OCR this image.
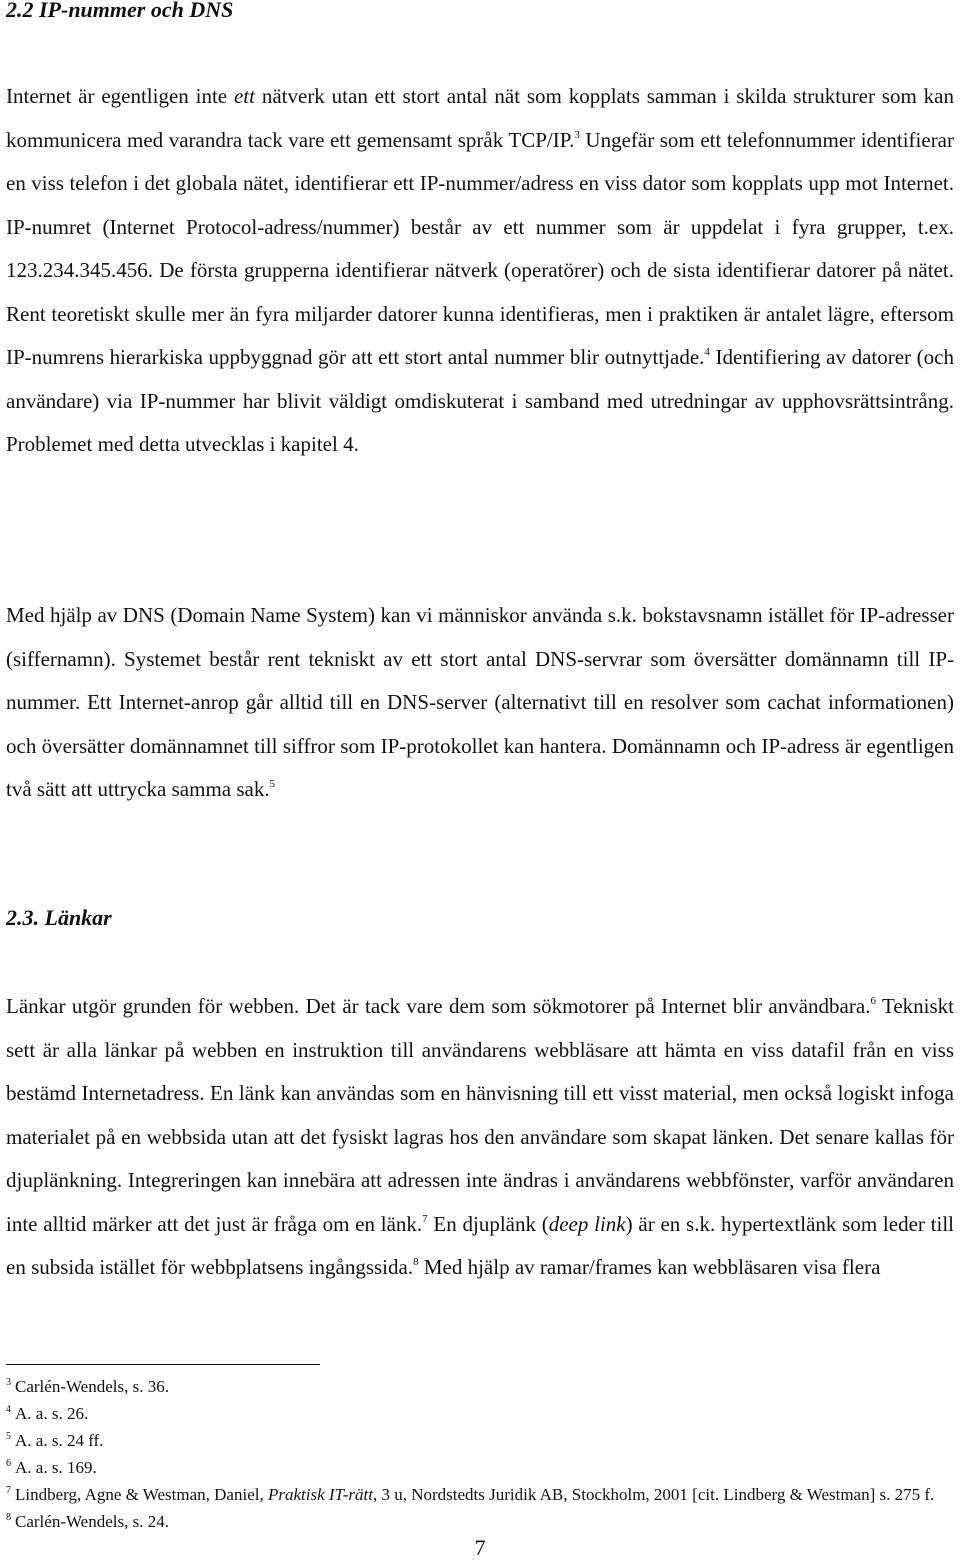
2.2 IP-nummer och DNS

Internet är egentligen inte ett nätverk utan ett stort antal nät som kopplats samman i skilda strukturer som kan kommunicera med varandra tack vare ett gemensamt språk TCP/IP.$^3$ Ungefär som ett telefonnummer identifierar en viss telefon i det globala nätet, identifierar ett IP-nummer/adress en viss dator som kopplats upp mot Internet. IP-numret (Internet Protocol-adress/nummer) består av ett nummer som är uppdelat i fyra grupper, t.ex. 123.234.345.456. De första grupperna identifierar nätverk (operatörer) och de sista identifierar datorer på nätet. Rent teoretiskt skulle mer än fyra miljarder datorer kunna identifieras, men i praktiken är antalet lägre, eftersom IP-numrens hierarkiska uppbyggnad gör att ett stort antal nummer blir outnyttjade.$^4$ Identifiering av datorer (och användare) via IP-nummer har blivit väldigt omdiskuterat i samband med utredningar av upphovsrättsintrång. Problemet med detta utvecklas i kapitel 4.

Med hjälp av DNS (Domain Name System) kan vi människor använda s.k. bokstavsnamn istället för IP-adresser (siffernamn). Systemet består rent tekniskt av ett stort antal DNS-servrar som översätter domännamn till IP-nummer. Ett Internet-anrop går alltid till en DNS-server (alternativt till en resolver som cachat informationen) och översätter domännamnet till siffror som IP-protokollet kan hantera. Domännamn och IP-adress är egentligen två sätt att uttrycka samma sak.$^5$

2.3. Länkar

Länkar utgör grunden för webben. Det är tack vare dem som sökmotorer på Internet blir användbara.$^6$ Tekniskt sett är alla länkar på webben en instruktion till användarens webbläsare att hämta en viss datafil från en viss bestämd Internetadress. En länk kan användas som en hänvisning till ett visst material, men också logiskt infoga materialet på en webbsida utan att det fysiskt lagras hos den användare som skapat länken. Det senare kallas för djuplänkning. Integreringen kan innebära att adressen inte ändras i användarens webbfönster, varför användaren inte alltid märker att det just är fråga om en länk.$^7$ En djuplänk (deep link) är en s.k. hypertextlänk som leder till en subsida istället för webbplatsens ingångssida.$^8$ Med hjälp av ramar/frames kan webbläsaren visa flera

$^3$ Carlén-Wendels, s. 36.
$^4$ A. a. s. 26.
$^5$ A. a. s. 24 ff.
$^6$ A. a. s. 169.
$^7$ Lindberg, Agne & Westman, Daniel, Praktisk IT-rätt, 3 u, Nordstedts Juridik AB, Stockholm, 2001 [cit. Lindberg & Westman] s. 275 f.
$^8$ Carlén-Wendels, s. 24.
7
